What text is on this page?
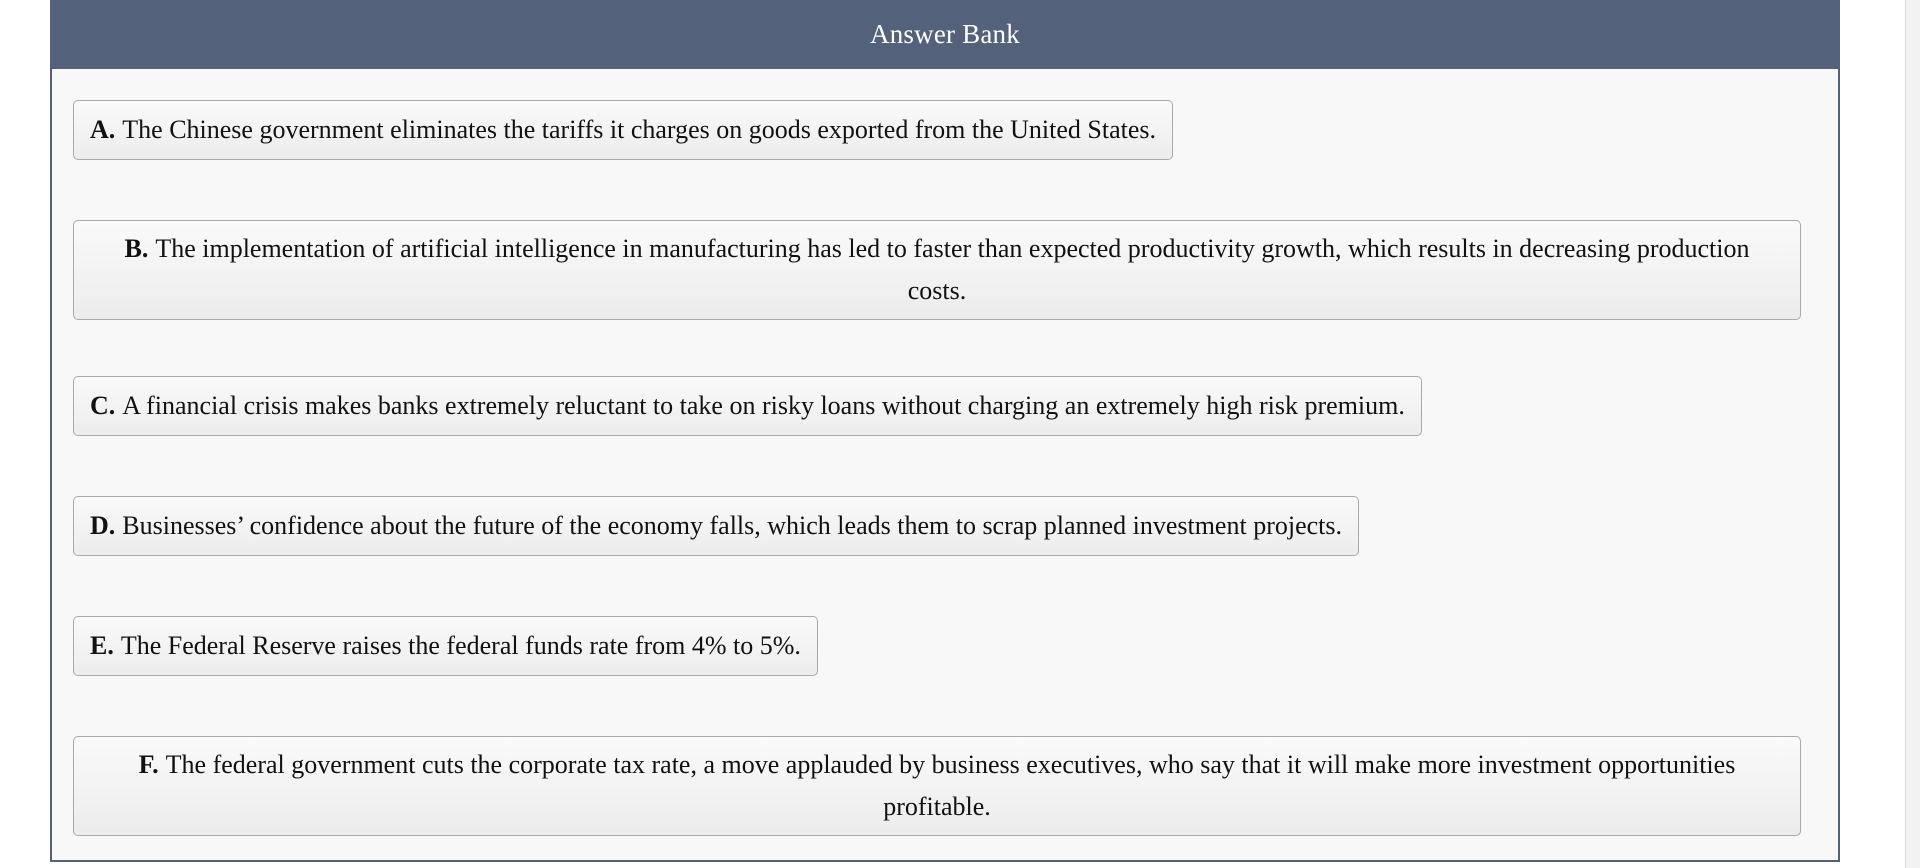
Answer Bank
A. The Chinese government eliminates the tariffs it charges on goods exported from the United States.
B. The implementation of artificial intelligence in manufacturing has led to faster than expected productivity growth, which results in decreasing production costs.
C. A financial crisis makes banks extremely reluctant to take on risky loans without charging an extremely high risk premium.
D. Businesses’ confidence about the future of the economy falls, which leads them to scrap planned investment projects.
E. The Federal Reserve raises the federal funds rate from 4% to 5%.
F. The federal government cuts the corporate tax rate, a move applauded by business executives, who say that it will make more investment opportunities profitable.
